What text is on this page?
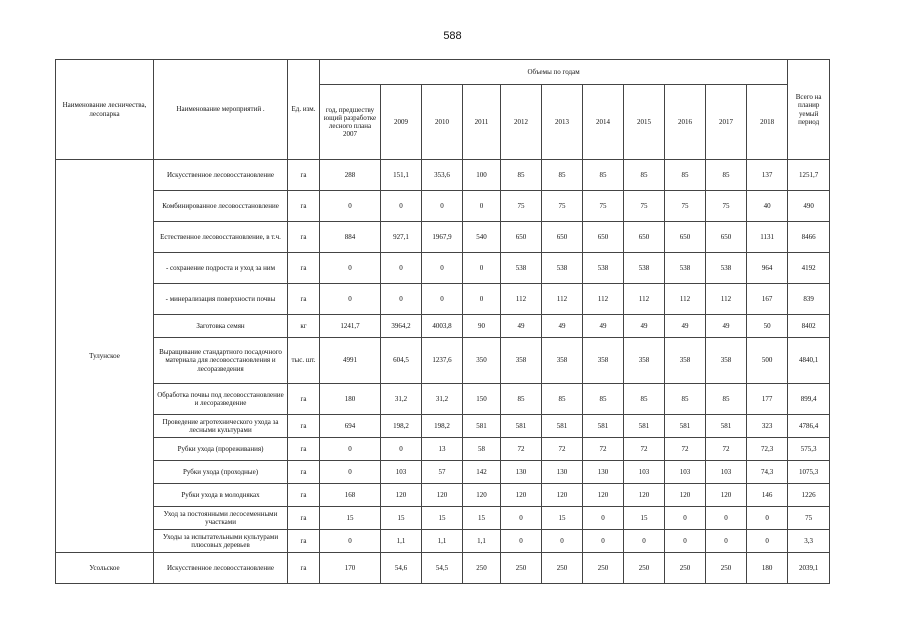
588
Наименование лесничества, лесопарка	Наименование мероприятий .	Ед. изм.	Объемы по годам											Всего на планир уемый период
			год, предшеству ющий разработке лесного плана 2007	2009	2010	2011	2012	2013	2014	2015	2016	2017	2018	
Тулунское	Искусственное лесовосстановление	га	288	151,1	353,6	100	85	85	85	85	85	85	137	1251,7
	Комбинированное лесовосстановление	га	0	0	0	0	75	75	75	75	75	75	40	490
	Естественное лесовосстановление, в т.ч.	га	884	927,1	1967,9	540	650	650	650	650	650	650	1131	8466
	- сохранение подроста и уход за ним	га	0	0	0	0	538	538	538	538	538	538	964	4192
	- минерализация поверхности почвы	га	0	0	0	0	112	112	112	112	112	112	167	839
	Заготовка семян	кг	1241,7	3964,2	4003,8	90	49	49	49	49	49	49	50	8402
	Выращивание стандартного посадочного материала для лесовосстановления и лесоразведения	тыс. шт.	4991	604,5	1237,6	350	358	358	358	358	358	358	500	4840,1
	Обработка почвы под лесовосстановление и лесоразведение	га	180	31,2	31,2	150	85	85	85	85	85	85	177	899,4
	Проведение агротехнического ухода за лесными культурами	га	694	198,2	198,2	581	581	581	581	581	581	581	323	4786,4
	Рубки ухода (прореживания)	га	0	0	13	58	72	72	72	72	72	72	72,3	575,3
	Рубки ухода (проходные)	га	0	103	57	142	130	130	130	103	103	103	74,3	1075,3
	Рубки ухода в молодняках	га	168	120	120	120	120	120	120	120	120	120	146	1226
	Уход за постоянными лесосеменными участками	га	15	15	15	15	0	15	0	15	0	0	0	75
	Уходы за испытательными культурами плюсовых деревьев	га	0	1,1	1,1	1,1	0	0	0	0	0	0	0	3,3
Усольское	Искусственное лесовосстановление	га	170	54,6	54,5	250	250	250	250	250	250	250	180	2039,1
